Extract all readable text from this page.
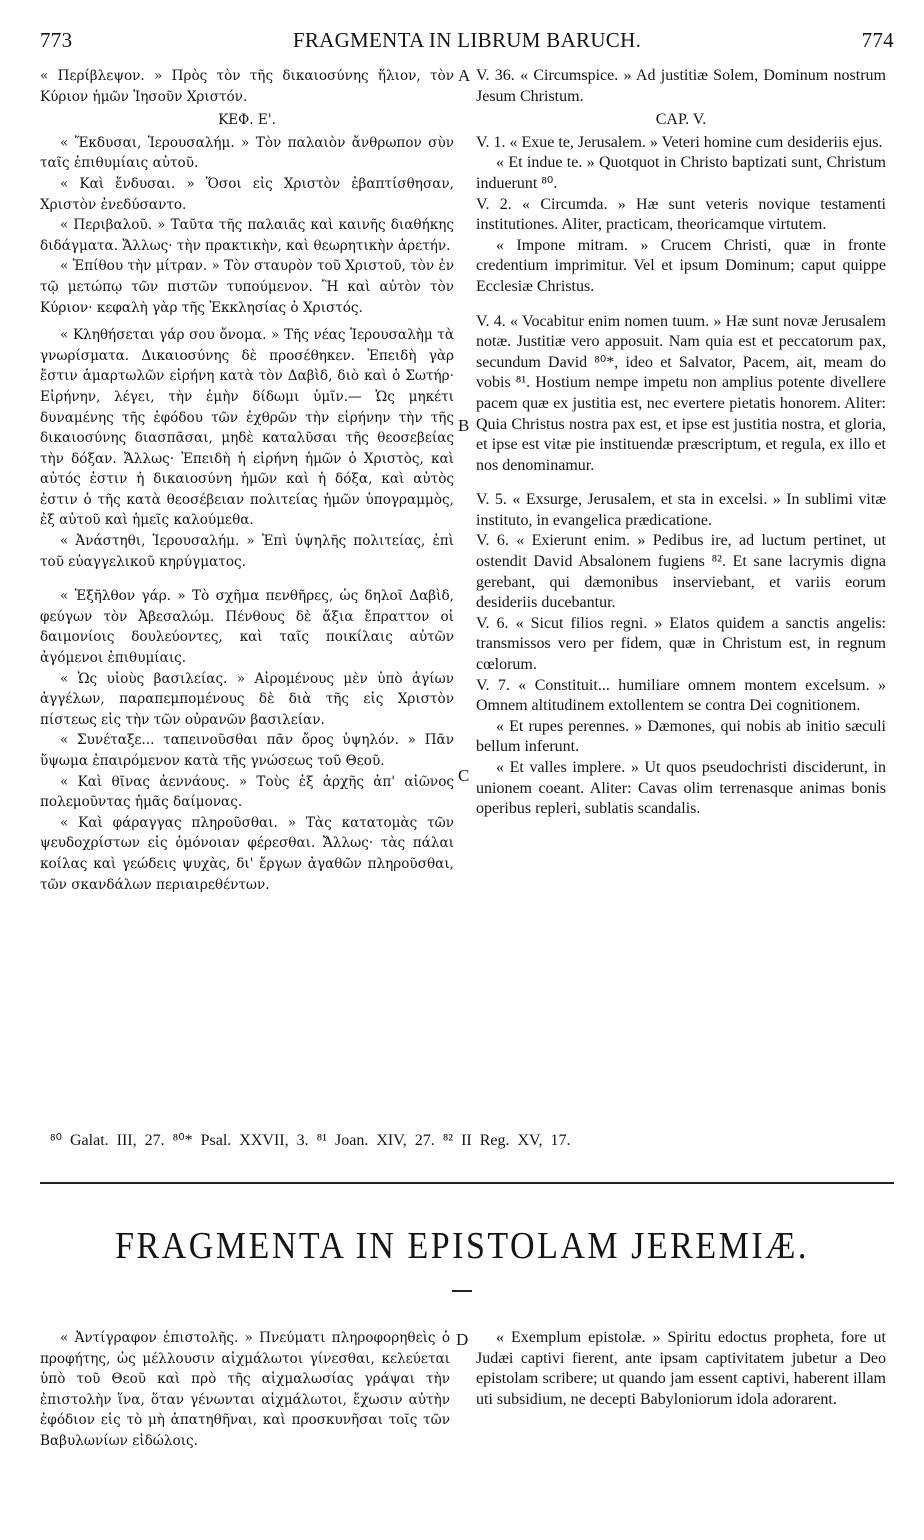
773	FRAGMENTA IN LIBRUM BARUCH.	774
A
B
C
D

« Περίβλεψον. » Πρὸς τὸν τῆς δικαιοσύνης ἥλιον, τὸν Κύριον ἡμῶν Ἰησοῦν Χριστόν.

ΚΕΦ. Ε'.

« Ἔκδυσαι, Ἱερουσαλήμ. » Τὸν παλαιὸν ἄνθρωπον σὺν ταῖς ἐπιθυμίαις αὐτοῦ.

« Καὶ ἔνδυσαι. » Ὅσοι εἰς Χριστὸν ἐβαπτίσθησαν, Χριστὸν ἐνεδύσαντο.

« Περιβαλοῦ. » Ταῦτα τῆς παλαιᾶς καὶ καινῆς διαθήκης διδάγματα. Ἄλλως· τὴν πρακτικὴν, καὶ θεωρητικὴν ἀρετήν.

« Ἐπίθου τὴν μίτραν. » Τὸν σταυρὸν τοῦ Χριστοῦ, τὸν ἐν τῷ μετώπῳ τῶν πιστῶν τυπούμενον. Ἢ καὶ αὐτὸν τὸν Κύριον· κεφαλὴ γὰρ τῆς Ἐκκλησίας ὁ Χριστός.

« Κληθήσεται γάρ σου ὄνομα. » Τῆς νέας Ἱερουσαλὴμ τὰ γνωρίσματα. Δικαιοσύνης δὲ προσέθηκεν. Ἐπειδὴ γὰρ ἔστιν ἁμαρτωλῶν εἰρήνη κατὰ τὸν Δαβὶδ, διὸ καὶ ὁ Σωτήρ· Εἰρήνην, λέγει, τὴν ἐμὴν δίδωμι ὑμῖν.— Ὡς μηκέτι δυναμένης τῆς ἐφόδου τῶν ἐχθρῶν τὴν εἰρήνην τὴν τῆς δικαιοσύνης διασπᾶσαι, μηδὲ καταλῦσαι τῆς θεοσεβείας τὴν δόξαν. Ἄλλως· Ἐπειδὴ ἡ εἰρήνη ἡμῶν ὁ Χριστὸς, καὶ αὐτός ἐστιν ἡ δικαιοσύνη ἡμῶν καὶ ἡ δόξα, καὶ αὐτὸς ἐστιν ὁ τῆς κατὰ θεοσέβειαν πολιτείας ἡμῶν ὑπογραμμὸς, ἐξ αὐτοῦ καὶ ἡμεῖς καλούμεθα.

« Ἀνάστηθι, Ἱερουσαλήμ. » Ἐπὶ ὑψηλῆς πολιτείας, ἐπὶ τοῦ εὐαγγελικοῦ κηρύγματος.

« Ἐξῆλθον γάρ. » Τὸ σχῆμα πενθῆρες, ὡς δηλοῖ Δαβὶδ, φεύγων τὸν Ἀβεσαλώμ. Πένθους δὲ ἄξια ἔπραττον οἱ δαιμονίοις δουλεύοντες, καὶ ταῖς ποικίλαις αὐτῶν ἀγόμενοι ἐπιθυμίαις.

« Ὡς υἱοὺς βασιλείας. » Αἰρομένους μὲν ὑπὸ ἁγίων ἀγγέλων, παραπεμπομένους δὲ διὰ τῆς εἰς Χριστὸν πίστεως εἰς τὴν τῶν οὐρανῶν βασιλείαν.

« Συνέταξε... ταπεινοῦσθαι πᾶν ὄρος ὑψηλόν. » Πᾶν ὕψωμα ἐπαιρόμενον κατὰ τῆς γνώσεως τοῦ Θεοῦ.

« Καὶ θῖνας ἀεννάους. » Τοὺς ἐξ ἀρχῆς ἀπ' αἰῶνος πολεμοῦντας ἡμᾶς δαίμονας.

« Καὶ φάραγγας πληροῦσθαι. » Τὰς κατατομὰς τῶν ψευδοχρίστων εἰς ὁμόνοιαν φέρεσθαι. Ἄλλως· τὰς πάλαι κοίλας καὶ γεώδεις ψυχὰς, δι' ἔργων ἀγαθῶν πληροῦσθαι, τῶν σκανδάλων περιαιρεθέντων.

V. 36. « Circumspice. » Ad justitiæ Solem, Dominum nostrum Jesum Christum.

CAP. V.

V. 1. « Exue te, Jerusalem. » Veteri homine cum desideriis ejus.

« Et indue te. » Quotquot in Christo baptizati sunt, Christum induerunt ⁸⁰.

V. 2. « Circumda. » Hæ sunt veteris novique testamenti institutiones. Aliter, practicam, theoricamque virtutem.

« Impone mitram. » Crucem Christi, quæ in fronte credentium imprimitur. Vel et ipsum Dominum; caput quippe Ecclesiæ Christus.

V. 4. « Vocabitur enim nomen tuum. » Hæ sunt novæ Jerusalem notæ. Justitiæ vero apposuit. Nam quia est et peccatorum pax, secundum David ⁸⁰*, ideo et Salvator, Pacem, ait, meam do vobis ⁸¹. Hostium nempe impetu non amplius potente divellere pacem quæ ex justitia est, nec evertere pietatis honorem. Aliter: Quia Christus nostra pax est, et ipse est justitia nostra, et gloria, et ipse est vitæ pie instituendæ præscriptum, et regula, ex illo et nos denominamur.

V. 5. « Exsurge, Jerusalem, et sta in excelsi. » In sublimi vitæ instituto, in evangelica prædicatione.

V. 6. « Exierunt enim. » Pedibus ire, ad luctum pertinet, ut ostendit David Absalonem fugiens ⁸². Et sane lacrymis digna gerebant, qui dæmonibus inserviebant, et variis eorum desideriis ducebantur.

V. 6. « Sicut filios regni. » Elatos quidem a sanctis angelis: transmissos vero per fidem, quæ in Christum est, in regnum cœlorum.

V. 7. « Constituit... humiliare omnem montem excelsum. » Omnem altitudinem extollentem se contra Dei cognitionem.

« Et rupes perennes. » Dæmones, qui nobis ab initio sæculi bellum inferunt.

« Et valles implere. » Ut quos pseudochristi disciderunt, in unionem coeant. Aliter: Cavas olim terrenasque animas bonis operibus repleri, sublatis scandalis.

⁸⁰ Galat. III, 27. ⁸⁰* Psal. XXVII, 3. ⁸¹ Joan. XIV, 27. ⁸² II Reg. XV, 17.
FRAGMENTA IN EPISTOLAM JEREMIÆ.

« Ἀντίγραφον ἐπιστολῆς. » Πνεύματι πληροφορηθεὶς ὁ προφήτης, ὡς μέλλουσιν αἰχμάλωτοι γίνεσθαι, κελεύεται ὑπὸ τοῦ Θεοῦ καὶ πρὸ τῆς αἰχμαλωσίας γράψαι τὴν ἐπιστολὴν ἵνα, ὅταν γένωνται αἰχμάλωτοι, ἔχωσιν αὐτὴν ἐφόδιον εἰς τὸ μὴ ἀπατηθῆναι, καὶ προσκυνῆσαι τοῖς τῶν Βαβυλωνίων εἰδώλοις.

« Exemplum epistolæ. » Spiritu edoctus propheta, fore ut Judæi captivi fierent, ante ipsam captivitatem jubetur a Deo epistolam scribere; ut quando jam essent captivi, haberent illam uti subsidium, ne decepti Babyloniorum idola adorarent.
